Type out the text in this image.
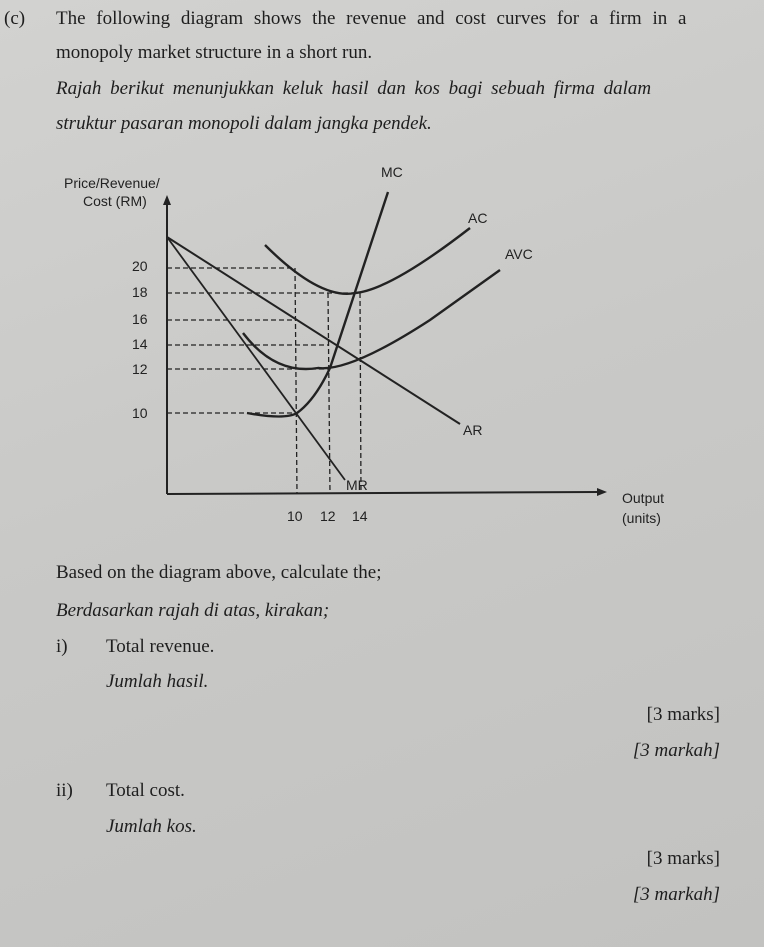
(c) The following diagram shows the revenue and cost curves for a firm in a
monopoly market structure in a short run.
Rajah berikut menunjukkan keluk hasil dan kos bagi sebuah firma dalam
struktur pasaran monopoli dalam jangka pendek.
Price/Revenue/
Cost (RM)
20
18
16
14
12
10
10 12 14
Output
(units)
MC
AC
AVC
AR
MR
Based on the diagram above, calculate the;
Berdasarkan rajah di atas, kirakan;
i) Total revenue.
Jumlah hasil.
[3 marks]
[3 markah]
ii) Total cost.
Jumlah kos.
[3 marks]
[3 markah]
